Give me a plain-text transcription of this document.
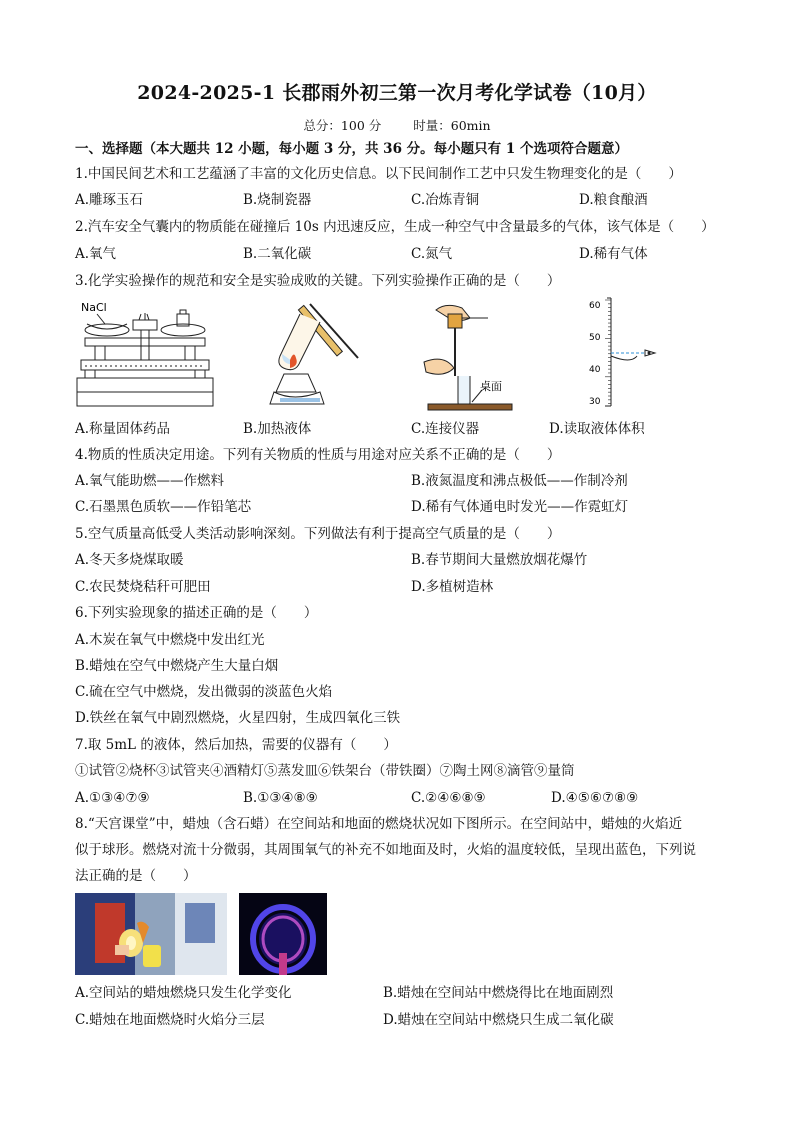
2024-2025-1 长郡雨外初三第一次月考化学试卷（10月）
总分：100 分	时量：60min
一、选择题（本大题共 12 小题，每小题 3 分，共 36 分。每小题只有 1 个选项符合题意）
1.中国民间艺术和工艺蕴涵了丰富的文化历史信息。以下民间制作工艺中只发生物理变化的是（　　）
A.雕琢玉石	B.烧制瓷器	C.冶炼青铜	D.粮食酿酒
2.汽车安全气囊内的物质能在碰撞后 10s 内迅速反应，生成一种空气中含量最多的气体，该气体是（　　）
A.氧气	B.二氧化碳	C.氮气	D.稀有气体
3.化学实验操作的规范和安全是实验成败的关键。下列实验操作正确的是（　　）
NaCl
桌面
60
50
40
30
A.称量固体药品	B.加热液体	C.连接仪器	D.读取液体体积
4.物质的性质决定用途。下列有关物质的性质与用途对应关系不正确的是（　　）
A.氧气能助燃——作燃料	B.液氮温度和沸点极低——作制冷剂
C.石墨黑色质软——作铅笔芯	D.稀有气体通电时发光——作霓虹灯
5.空气质量高低受人类活动影响深刻。下列做法有利于提高空气质量的是（　　）
A.冬天多烧煤取暖	B.春节期间大量燃放烟花爆竹
C.农民焚烧秸秆可肥田	D.多植树造林
6.下列实验现象的描述正确的是（　　）
A.木炭在氧气中燃烧中发出红光
B.蜡烛在空气中燃烧产生大量白烟
C.硫在空气中燃烧，发出微弱的淡蓝色火焰
D.铁丝在氧气中剧烈燃烧，火星四射，生成四氧化三铁
7.取 5mL 的液体，然后加热，需要的仪器有（　　）
①试管②烧杯③试管夹④酒精灯⑤蒸发皿⑥铁架台（带铁圈）⑦陶土网⑧滴管⑨量筒
A.①③④⑦⑨	B.①③④⑧⑨	C.②④⑥⑧⑨	D.④⑤⑥⑦⑧⑨
8.“天宫课堂”中，蜡烛（含石蜡）在空间站和地面的燃烧状况如下图所示。在空间站中，蜡烛的火焰近
似于球形。燃烧对流十分微弱，其周围氧气的补充不如地面及时，火焰的温度较低，呈现出蓝色，下列说
法正确的是（　　）
A.空间站的蜡烛燃烧只发生化学变化	B.蜡烛在空间站中燃烧得比在地面剧烈
C.蜡烛在地面燃烧时火焰分三层	D.蜡烛在空间站中燃烧只生成二氧化碳
